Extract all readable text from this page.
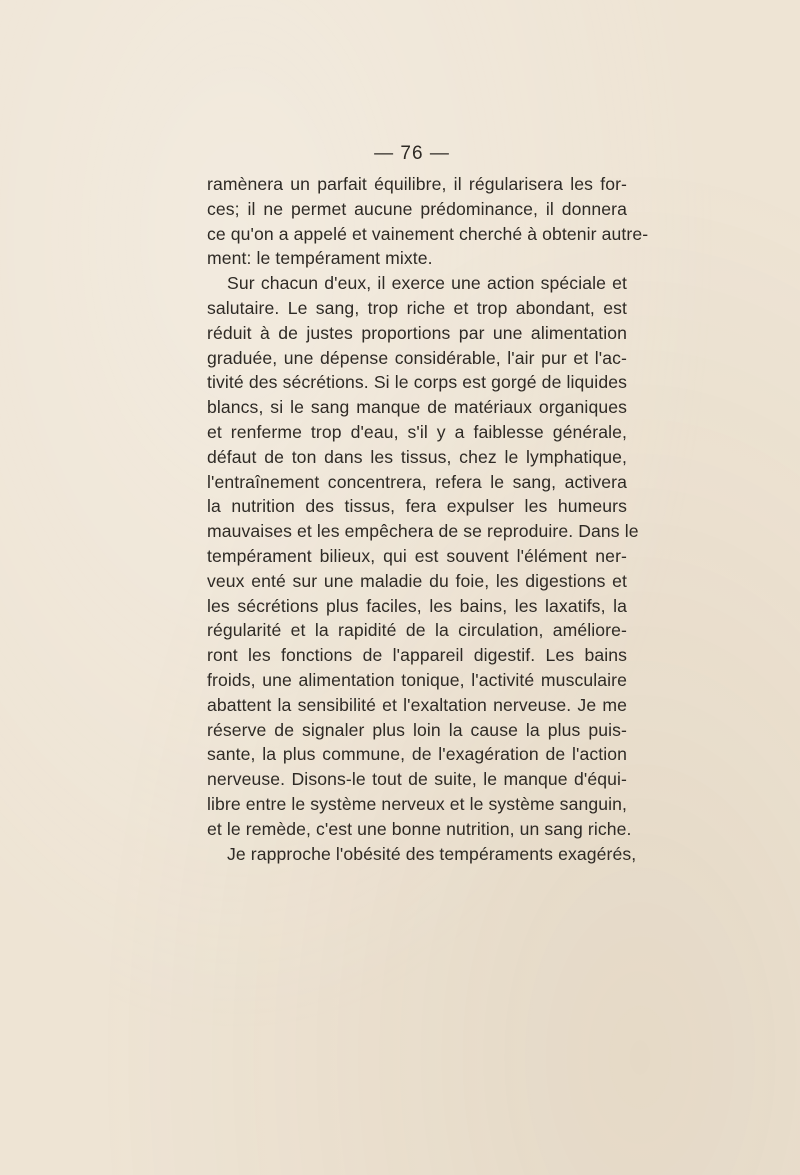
— 76 —
ramènera un parfait équilibre, il régularisera les for-
ces; il ne permet aucune prédominance, il donnera
ce qu'on a appelé et vainement cherché à obtenir autre-
ment: le tempérament mixte.
Sur chacun d'eux, il exerce une action spéciale et
salutaire. Le sang, trop riche et trop abondant, est
réduit à de justes proportions par une alimentation
graduée, une dépense considérable, l'air pur et l'ac-
tivité des sécrétions. Si le corps est gorgé de liquides
blancs, si le sang manque de matériaux organiques
et renferme trop d'eau, s'il y a faiblesse générale,
défaut de ton dans les tissus, chez le lymphatique,
l'entraînement concentrera, refera le sang, activera
la nutrition des tissus, fera expulser les humeurs
mauvaises et les empêchera de se reproduire. Dans le
tempérament bilieux, qui est souvent l'élément ner-
veux enté sur une maladie du foie, les digestions et
les sécrétions plus faciles, les bains, les laxatifs, la
régularité et la rapidité de la circulation, améliore-
ront les fonctions de l'appareil digestif. Les bains
froids, une alimentation tonique, l'activité musculaire
abattent la sensibilité et l'exaltation nerveuse. Je me
réserve de signaler plus loin la cause la plus puis-
sante, la plus commune, de l'exagération de l'action
nerveuse. Disons-le tout de suite, le manque d'équi-
libre entre le système nerveux et le système sanguin,
et le remède, c'est une bonne nutrition, un sang riche.
Je rapproche l'obésité des tempéraments exagérés,
